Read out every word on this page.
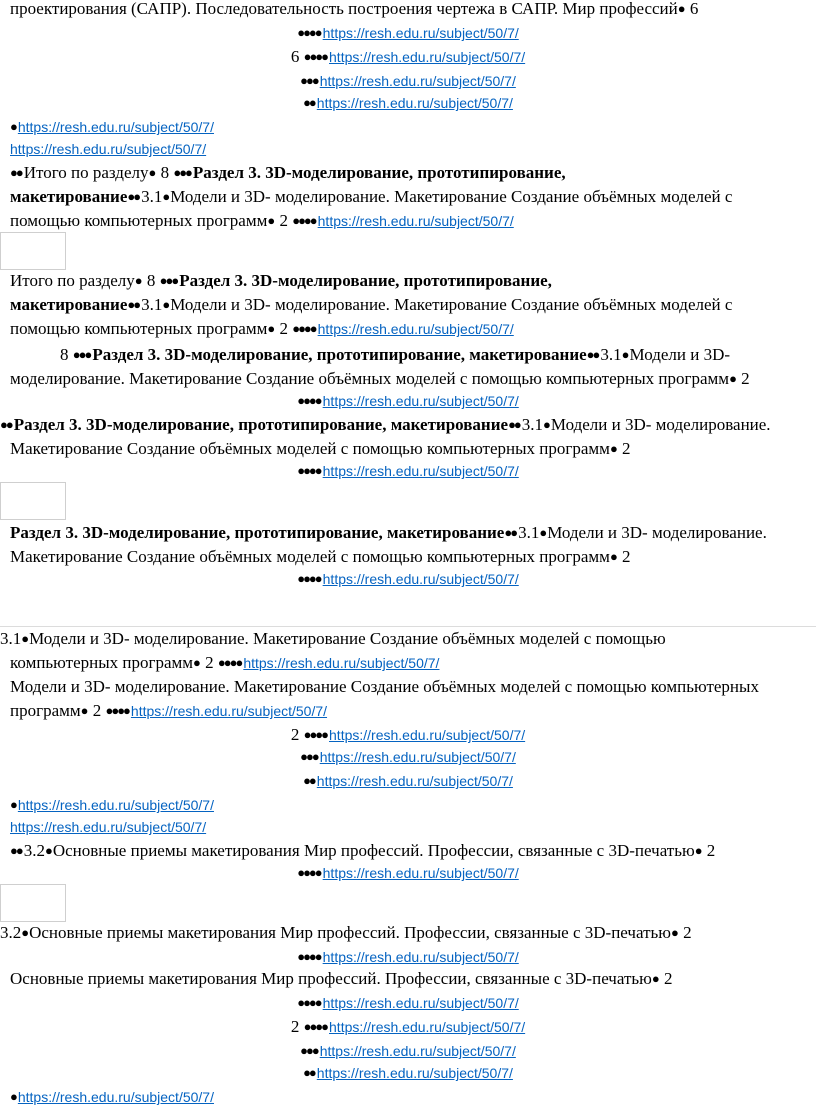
проектирования (САПР). Последовательность построения чертежа в САПР. Мир профессий● 6
●●●● https://resh.edu.ru/subject/50/7/
6 ●●●● https://resh.edu.ru/subject/50/7/
●●● https://resh.edu.ru/subject/50/7/
●● https://resh.edu.ru/subject/50/7/
● https://resh.edu.ru/subject/50/7/
https://resh.edu.ru/subject/50/7/
●● Итого по разделу● 8 ●●● Раздел 3. 3D-моделирование, прототипирование,
макетирование●● 3.1● Модели и 3D- моделирование. Макетирование Создание объёмных моделей с
помощью компьютерных программ● 2 ●●●● https://resh.edu.ru/subject/50/7/
Итого по разделу● 8 ●●● Раздел 3. 3D-моделирование, прототипирование,
макетирование●● 3.1● Модели и 3D- моделирование. Макетирование Создание объёмных моделей с
помощью компьютерных программ● 2 ●●●● https://resh.edu.ru/subject/50/7/
8 ●●● Раздел 3. 3D-моделирование, прототипирование, макетирование●● 3.1● Модели и 3D-
моделирование. Макетирование Создание объёмных моделей с помощью компьютерных программ● 2
●●●● https://resh.edu.ru/subject/50/7/
●● Раздел 3. 3D-моделирование, прототипирование, макетирование●● 3.1● Модели и 3D- моделирование.
Макетирование Создание объёмных моделей с помощью компьютерных программ● 2
●●●● https://resh.edu.ru/subject/50/7/
Раздел 3. 3D-моделирование, прототипирование, макетирование●● 3.1● Модели и 3D- моделирование.
Макетирование Создание объёмных моделей с помощью компьютерных программ● 2
●●●● https://resh.edu.ru/subject/50/7/
3.1● Модели и 3D- моделирование. Макетирование Создание объёмных моделей с помощью
компьютерных программ● 2 ●●●● https://resh.edu.ru/subject/50/7/
Модели и 3D- моделирование. Макетирование Создание объёмных моделей с помощью компьютерных
программ● 2 ●●●● https://resh.edu.ru/subject/50/7/
2 ●●●● https://resh.edu.ru/subject/50/7/
●●● https://resh.edu.ru/subject/50/7/
●● https://resh.edu.ru/subject/50/7/
● https://resh.edu.ru/subject/50/7/
https://resh.edu.ru/subject/50/7/
●● 3.2● Основные приемы макетирования Мир профессий. Профессии, связанные с 3D-печатью● 2
●●●● https://resh.edu.ru/subject/50/7/
3.2● Основные приемы макетирования Мир профессий. Профессии, связанные с 3D-печатью● 2
●●●● https://resh.edu.ru/subject/50/7/
Основные приемы макетирования Мир профессий. Профессии, связанные с 3D-печатью● 2
●●●● https://resh.edu.ru/subject/50/7/
2 ●●●● https://resh.edu.ru/subject/50/7/
●●● https://resh.edu.ru/subject/50/7/
●● https://resh.edu.ru/subject/50/7/
● https://resh.edu.ru/subject/50/7/
